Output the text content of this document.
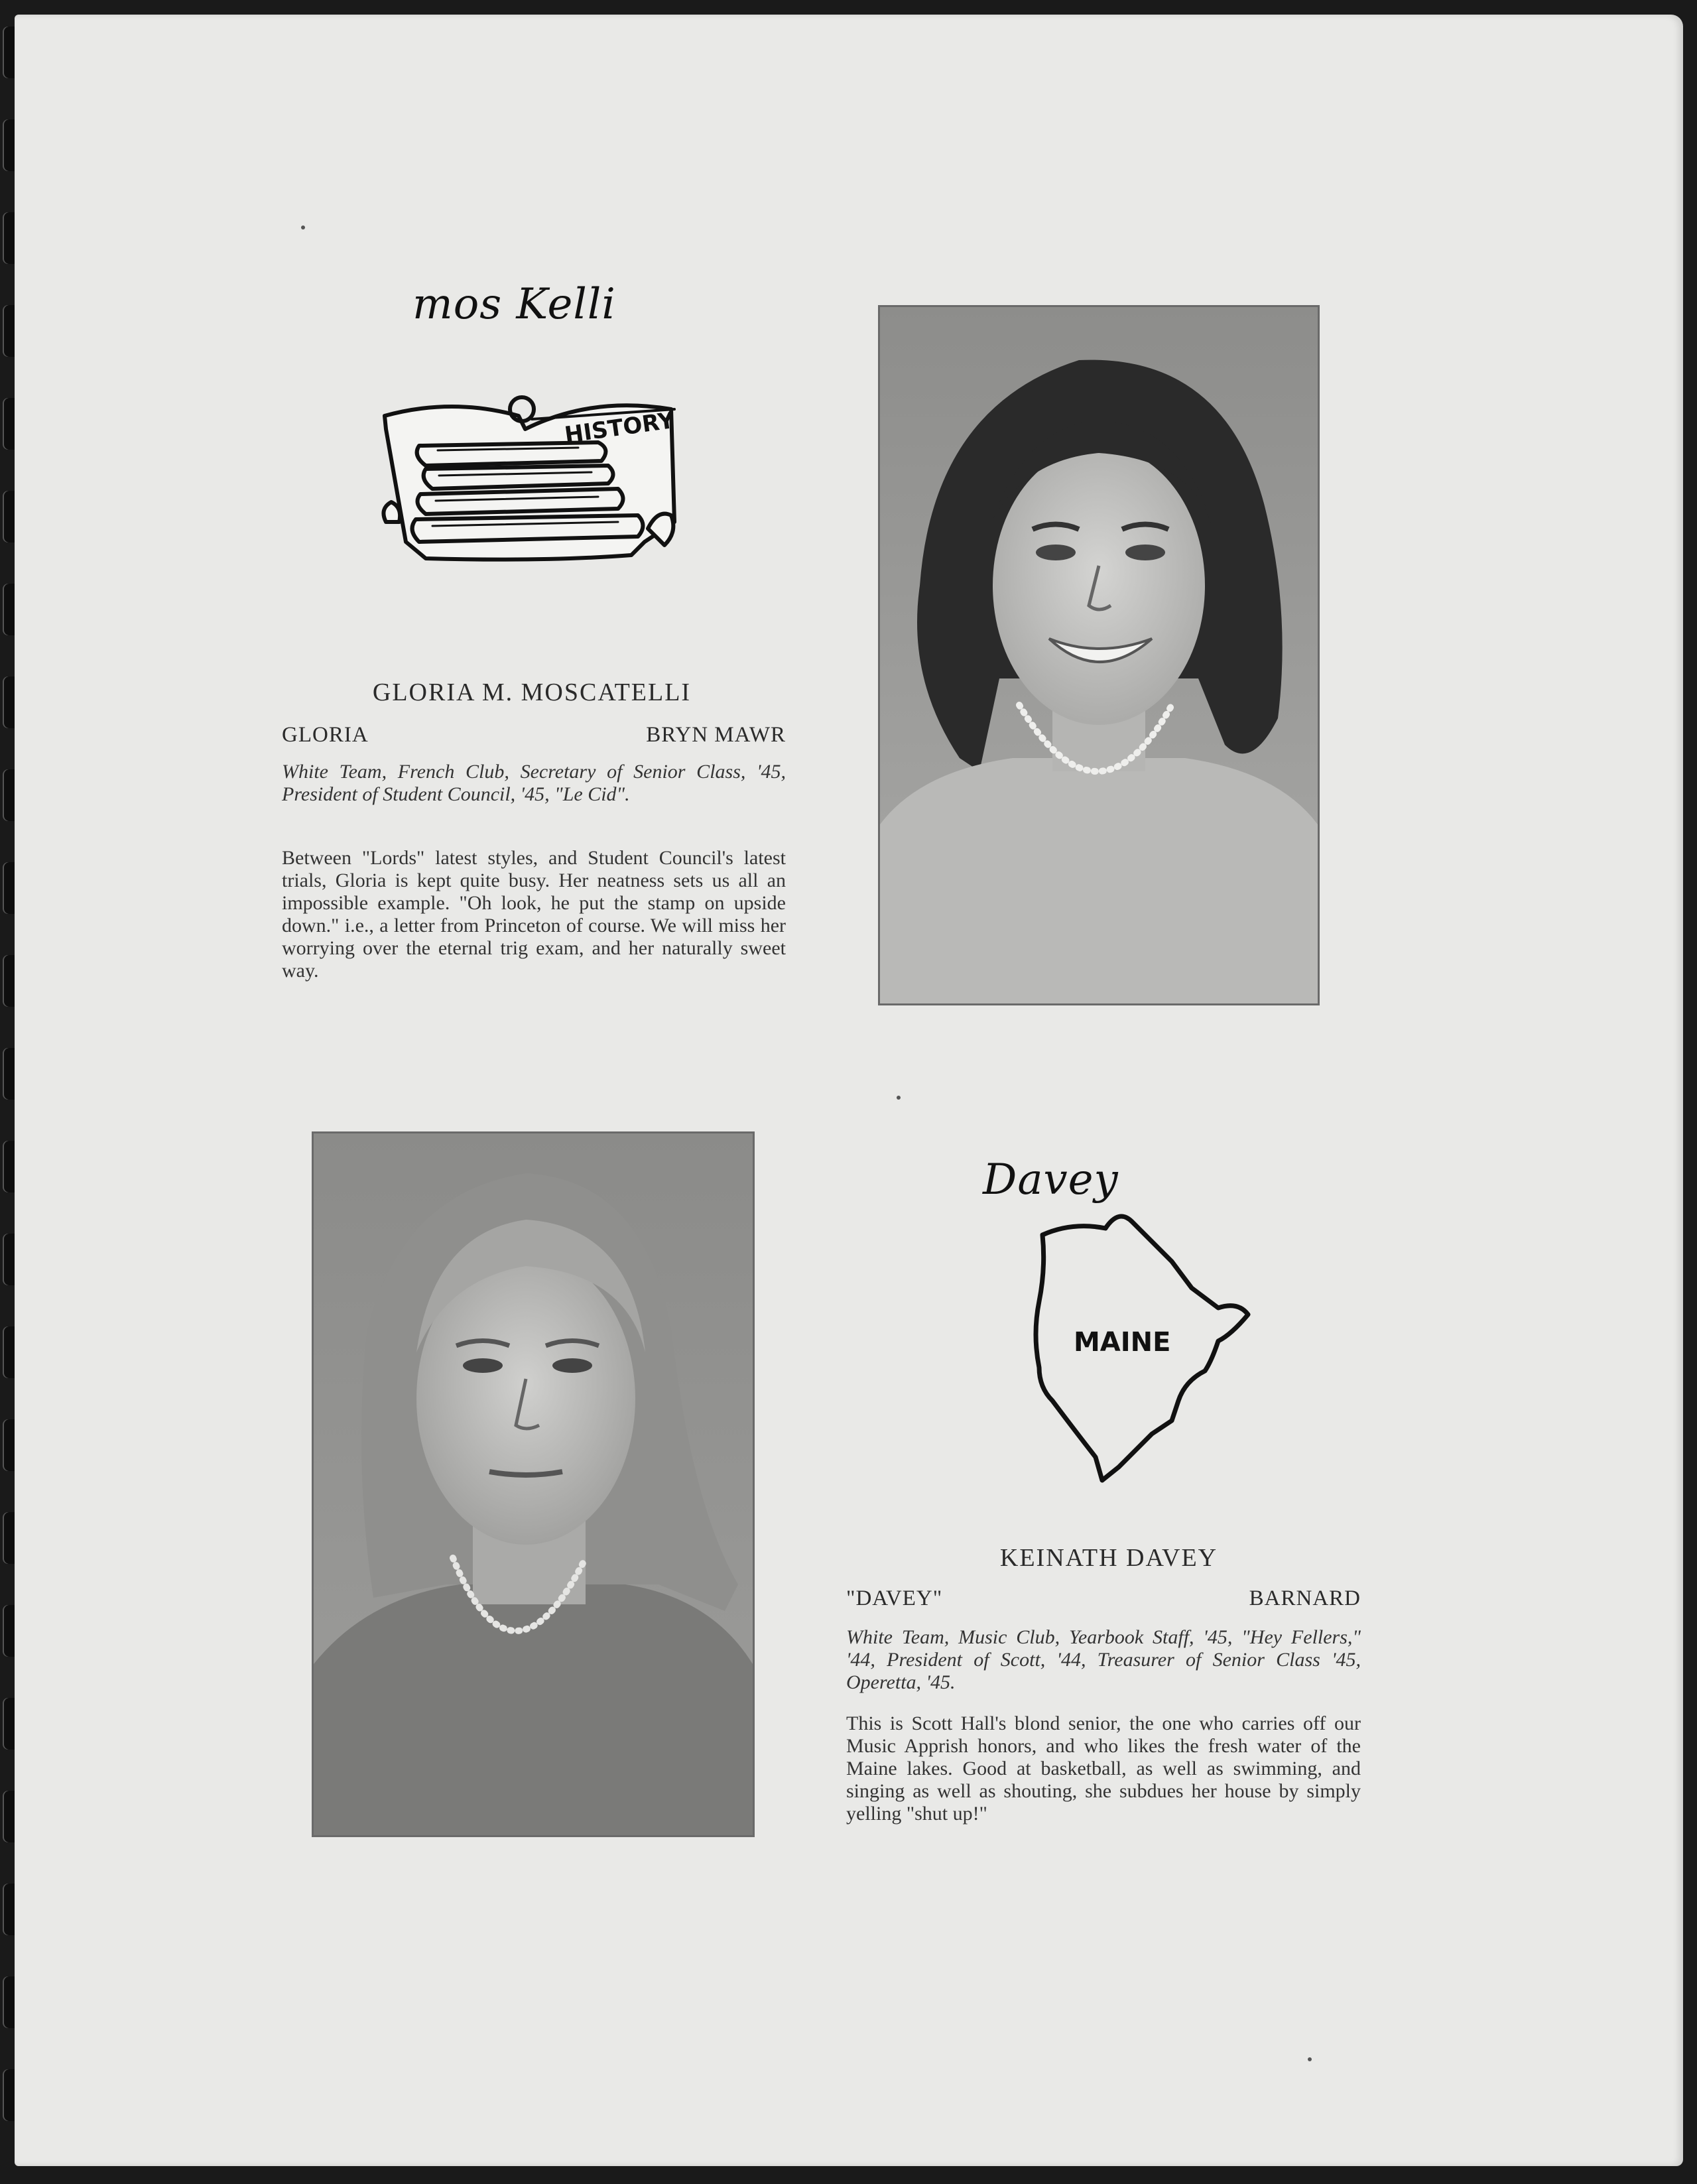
mos Kelli
HISTORY
GLORIA M. MOSCATELLI
GLORIA	BRYN MAWR
White Team, French Club, Secretary of Senior Class, '45, President of Student Council, '45, "Le Cid".
Between "Lords" latest styles, and Student Council's latest trials, Gloria is kept quite busy. Her neatness sets us all an impossible example. "Oh look, he put the stamp on upside down." i.e., a letter from Princeton of course. We will miss her worrying over the eternal trig exam, and her naturally sweet way.
Davey
MAINE
KEINATH DAVEY
"DAVEY"	BARNARD
White Team, Music Club, Yearbook Staff, '45, "Hey Fellers," '44, President of Scott, '44, Treasurer of Senior Class '45, Operetta, '45.
This is Scott Hall's blond senior, the one who carries off our Music Apprish honors, and who likes the fresh water of the Maine lakes. Good at basketball, as well as swimming, and singing as well as shouting, she subdues her house by simply yelling "shut up!"
